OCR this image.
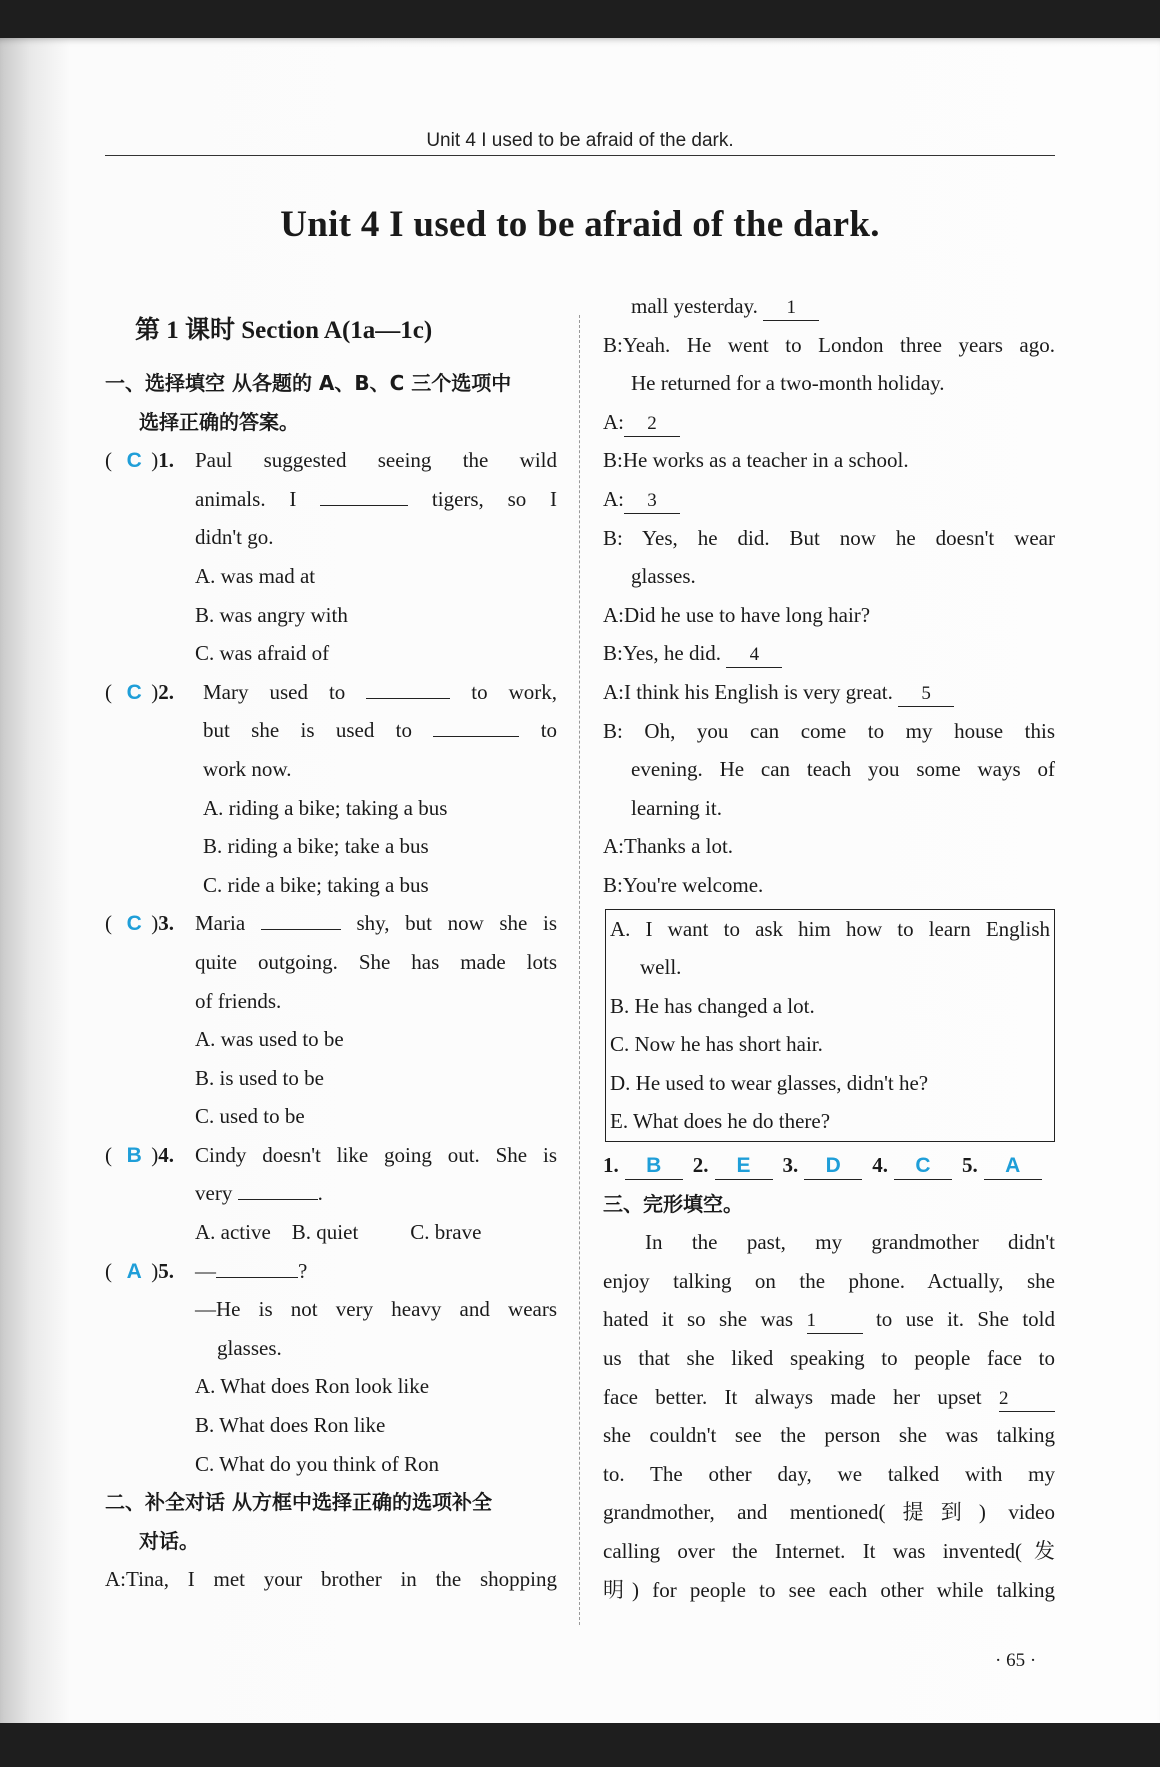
Unit 4 I used to be afraid of the dark.
Unit 4 I used to be afraid of the dark.
第 1 课时 Section A(1a—1c)
一、选择填空 从各题的 A、B、C 三个选项中
选择正确的答案。
( C )1.	Paul suggested seeing the wild
animals. I	tigers, so I
didn't go.
A. was mad at
B. was angry with
C. was afraid of
( C )2.	Mary used to	to work,
but she is used to	to
work now.
A. riding a bike; taking a bus
B. riding a bike; take a bus
C. ride a bike; taking a bus
( C )3.	Maria	shy, but now she is
quite outgoing. She has made lots
of friends.
A. was used to be
B. is used to be
C. used to be
( B )4.	Cindy doesn't like going out. She is
very	.
A. active B. quiet C. brave
( A )5.	—	?
—He is not very heavy and wears
glasses.
A. What does Ron look like
B. What does Ron like
C. What do you think of Ron
二、补全对话 从方框中选择正确的选项补全
对话。
A:Tina, I met your brother in the shopping
mall yesterday. 1
B:Yeah. He went to London three years ago.
He returned for a two-month holiday.
A: 2
B:He works as a teacher in a school.
A: 3
B: Yes, he did. But now he doesn't wear
glasses.
A:Did he use to have long hair?
B:Yes, he did. 4
A:I think his English is very great. 5
B: Oh, you can come to my house this
evening. He can teach you some ways of
learning it.
A:Thanks a lot.
B:You're welcome.
A. I want to ask him how to learn English
well.
B. He has changed a lot.
C. Now he has short hair.
D. He used to wear glasses, didn't he?
E. What does he do there?
1.	B	2.	E	3.	D	4.	C	5.	A
三、完形填空。
In the past, my grandmother didn't
enjoy talking on the phone. Actually, she
hated it so she was 1	to use it. She told
us that she liked speaking to people face to
face better. It always made her upset 2
she couldn't see the person she was talking
to. The other day, we talked with my
grandmother, and mentioned(提到) video
calling over the Internet. It was invented(发
明) for people to see each other while talking
· 65 ·
